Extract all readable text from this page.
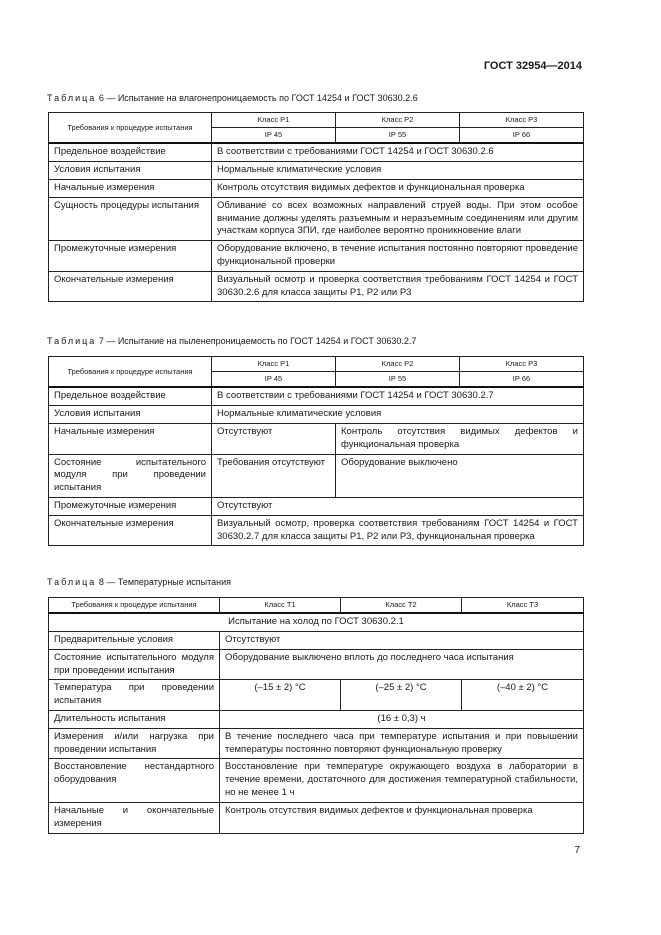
ГОСТ 32954—2014
Таблица 6 — Испытание на влагонепроницаемость по ГОСТ 14254 и ГОСТ 30630.2.6
Требования к процедуре испытания	Класс Р1	Класс Р2	Класс Р3
	IP 45	IP 55	IP 66
Предельное воздействие	В соответствии с требованиями ГОСТ 14254 и ГОСТ 30630.2.6		
Условия испытания	Нормальные климатические условия		
Начальные измерения	Контроль отсутствия видимых дефектов и функциональная проверка		
Сущность процедуры испытания	Обливание со всех возможных направлений струей воды. При этом особое внимание должны уделять разъемным и неразъемным соединениям или другим участкам корпуса ЗПИ, где наиболее вероятно проникновение влаги		
Промежуточные измерения	Оборудование включено, в течение испытания постоянно повторяют проведение функциональной проверки		
Окончательные измерения	Визуальный осмотр и проверка соответствия требованиям ГОСТ 14254 и ГОСТ 30630.2.6 для класса защиты Р1, Р2 или Р3		
Таблица 7 — Испытание на пыленепроницаемость по ГОСТ 14254 и ГОСТ 30630.2.7
Требования к процедуре испытания	Класс Р1	Класс Р2	Класс Р3
	IP 45	IP 55	IP 66
Предельное воздействие	В соответствии с требованиями ГОСТ 14254 и ГОСТ 30630.2.7		
Условия испытания	Нормальные климатические условия		
Начальные измерения	Отсутствуют	Контроль отсутствия видимых дефектов и функциональная проверка	
Состояние испытательного модуля при проведении испытания	Требования отсутствуют	Оборудование выключено	
Промежуточные измерения	Отсутствуют		
Окончательные измерения	Визуальный осмотр, проверка соответствия требованиям ГОСТ 14254 и ГОСТ 30630.2.7 для класса защиты Р1, Р2 или Р3, функциональная проверка		
Таблица 8 — Температурные испытания
Требования к процедуре испытания	Класс Т1	Класс Т2	Класс Т3
Испытание на холод по ГОСТ 30630.2.1			
Предварительные условия	Отсутствуют		
Состояние испытательного модуля при проведении испытания	Оборудование выключено вплоть до последнего часа испытания		
Температура при проведении испытания	(–15 ± 2) °С	(–25 ± 2) °С	(–40 ± 2) °С
Длительность испытания	(16 ± 0,3) ч		
Измерения и/или нагрузка при проведении испытания	В течение последнего часа при температуре испытания и при повышении температуры постоянно повторяют функциональную проверку		
Восстановление нестандартного оборудования	Восстановление при температуре окружающего воздуха в лаборатории в течение времени, достаточного для достижения температурной стабильности, но не менее 1 ч		
Начальные и окончательные измерения	Контроль отсутствия видимых дефектов и функциональная проверка		
7
